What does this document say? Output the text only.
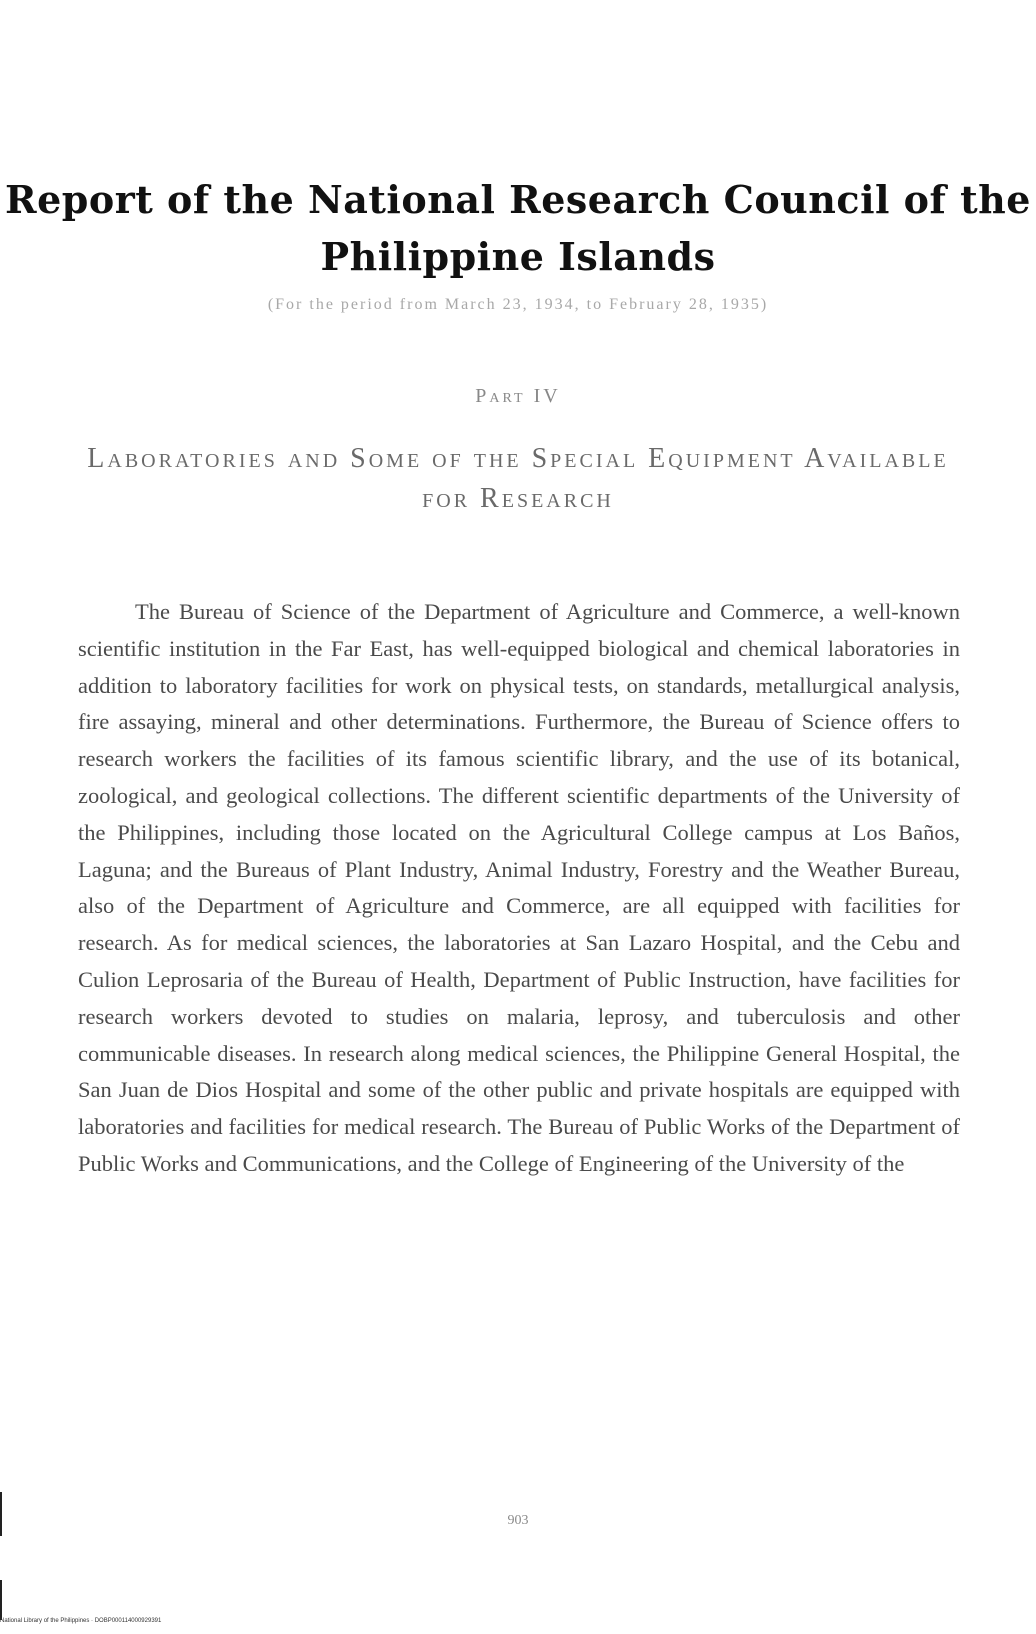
Report of the National Research Council of the
Philippine Islands
(For the period from March 23, 1934, to February 28, 1935)
Part IV
Laboratories and Some of the Special Equipment Available for Research

The Bureau of Science of the Department of Agriculture and Commerce, a well-known scientific institution in the Far East, has well-equipped biological and chemical laboratories in addition to laboratory facilities for work on physical tests, on standards, metallurgical analysis, fire assaying, mineral and other determinations. Furthermore, the Bureau of Science offers to research workers the facilities of its famous scientific library, and the use of its botanical, zoological, and geological collections. The different scientific departments of the University of the Philippines, including those located on the Agricultural College campus at Los Baños, Laguna; and the Bureaus of Plant Industry, Animal Industry, Forestry and the Weather Bureau, also of the Department of Agriculture and Commerce, are all equipped with facilities for research. As for medical sciences, the laboratories at San Lazaro Hospital, and the Cebu and Culion Leprosaria of the Bureau of Health, Department of Public Instruction, have facilities for research workers devoted to studies on malaria, leprosy, and tuberculosis and other communicable diseases. In research along medical sciences, the Philippine General Hospital, the San Juan de Dios Hospital and some of the other public and private hospitals are equipped with laboratories and facilities for medical research. The Bureau of Public Works of the Department of Public Works and Communications, and the College of Engineering of the University of the

903
National Library of the Philippines · DOBP000114000929391
